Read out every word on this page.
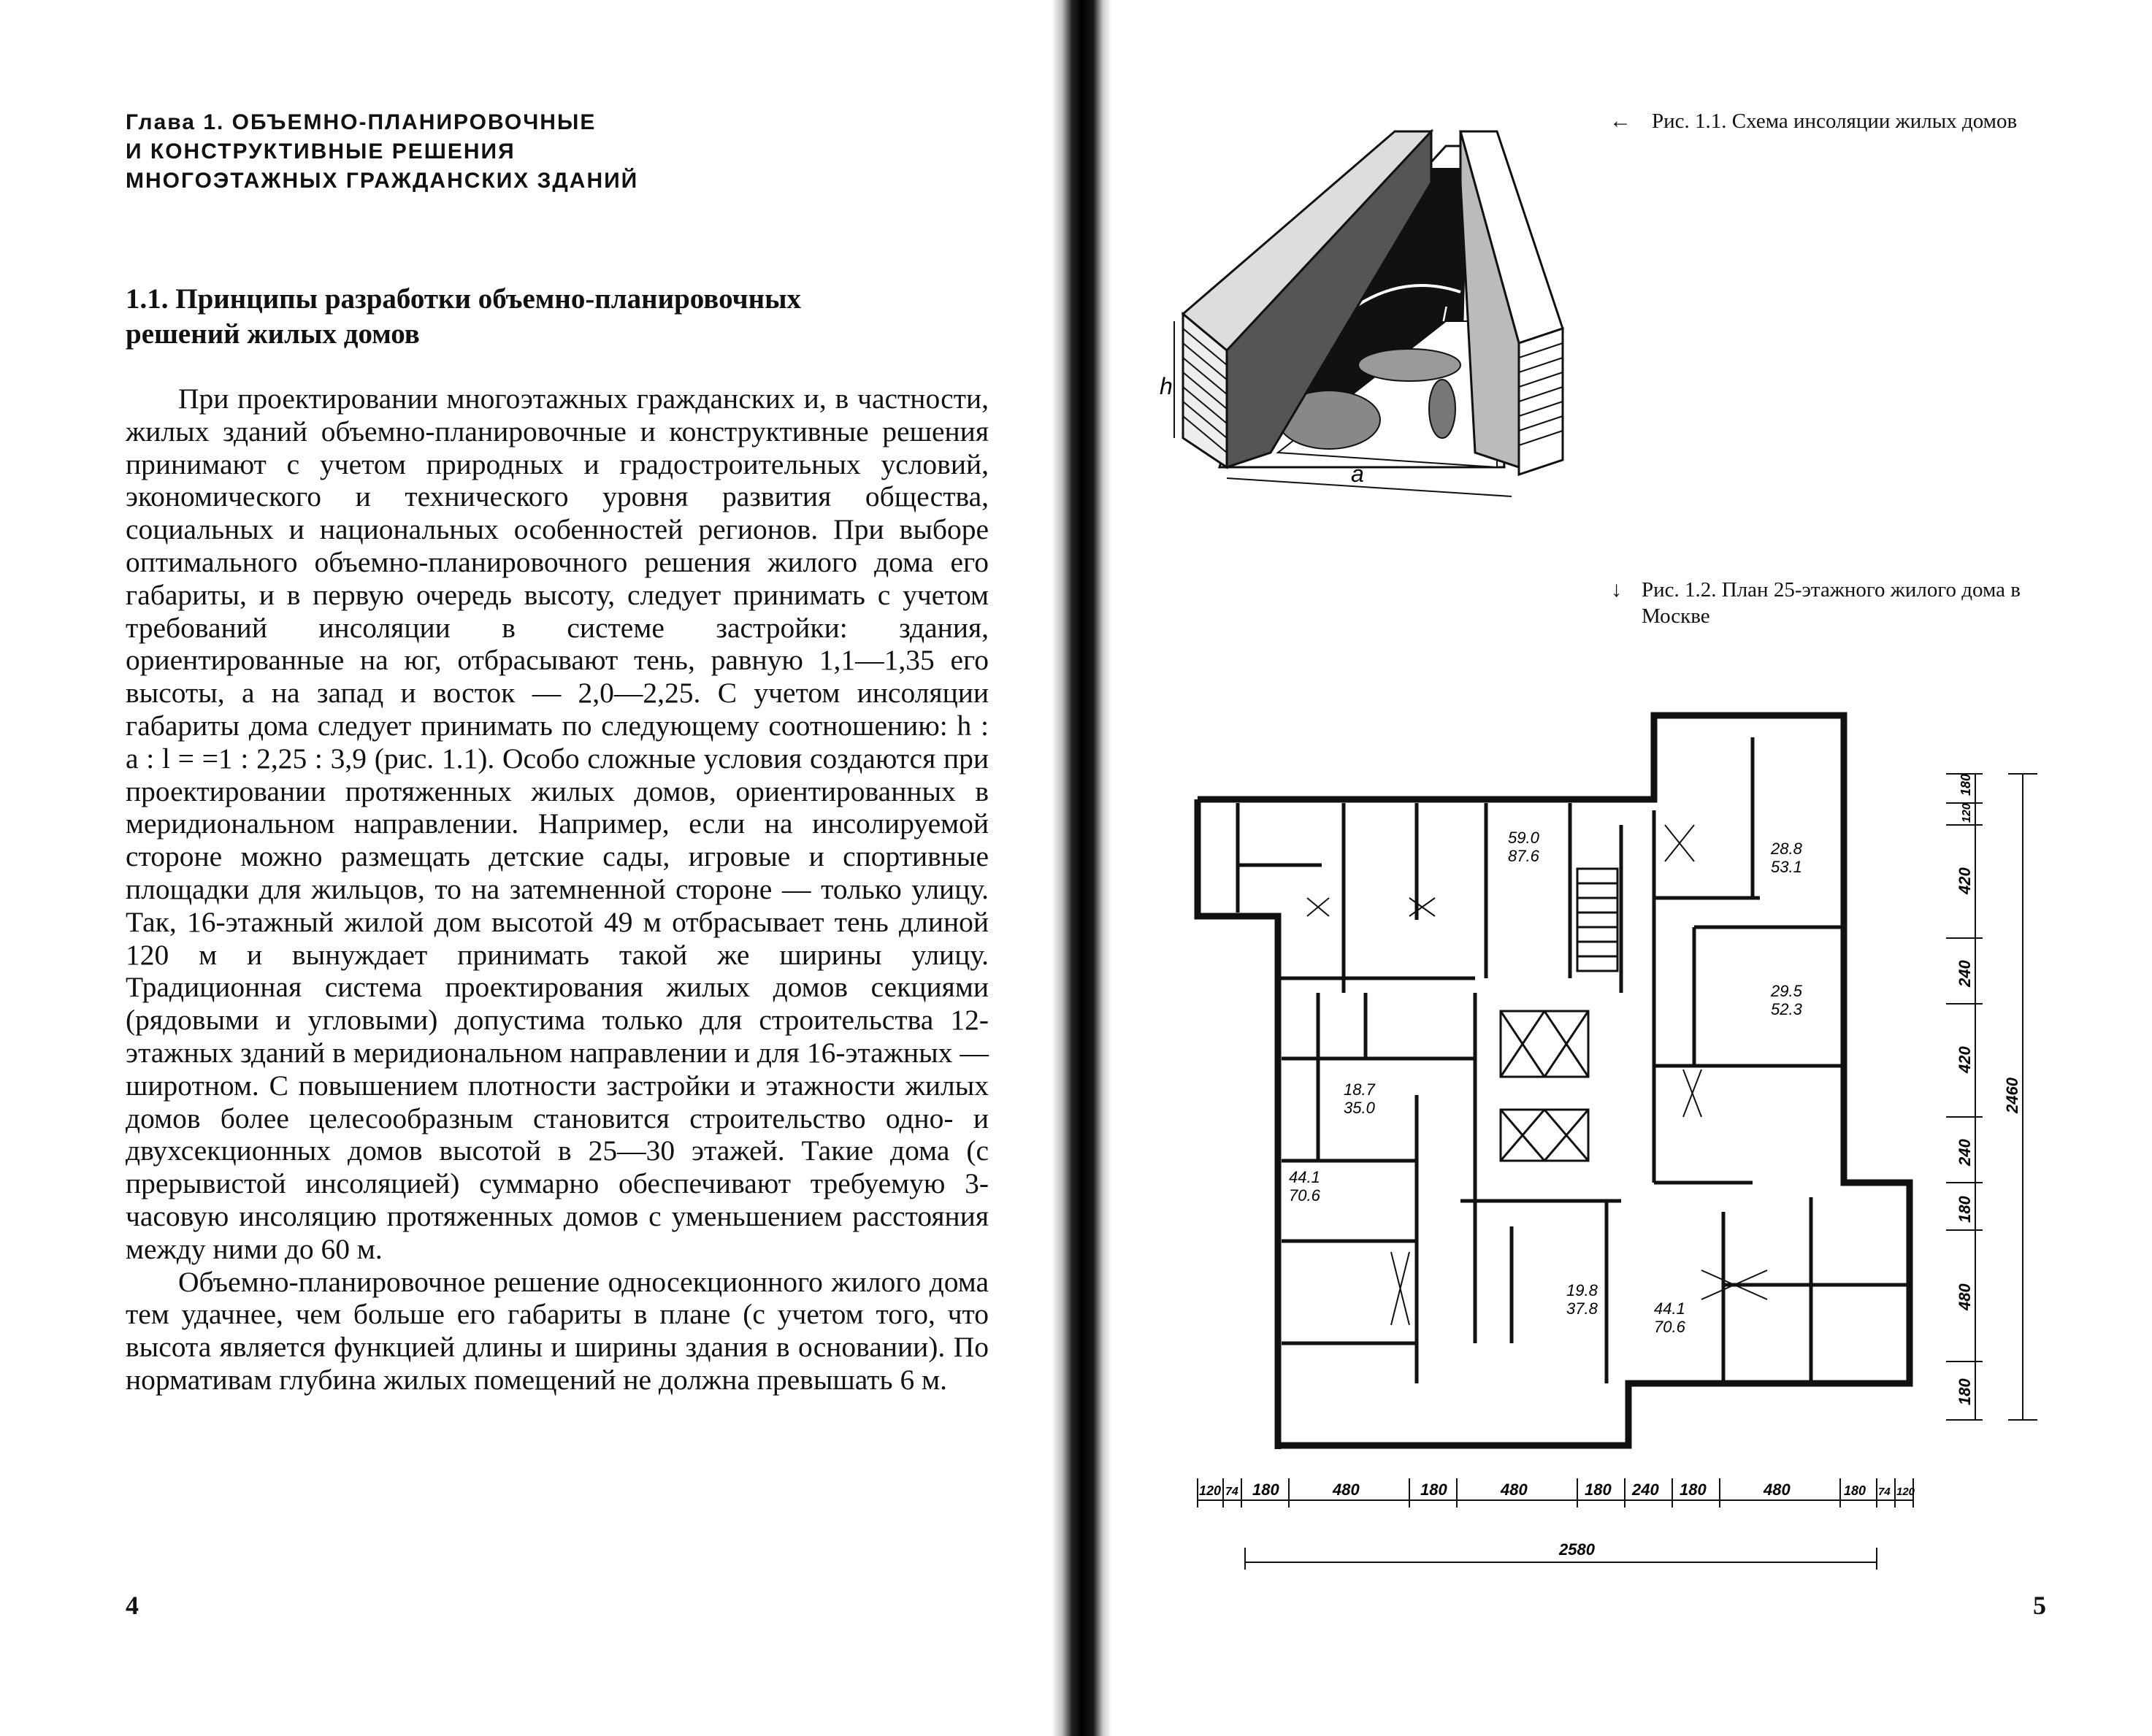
Глава 1. ОБЪЕМНО-ПЛАНИРОВОЧНЫЕ
И КОНСТРУКТИВНЫЕ РЕШЕНИЯ
МНОГОЭТАЖНЫХ ГРАЖДАНСКИХ ЗДАНИЙ
1.1. Принципы разработки объемно-планировочных
решений жилых домов

При проектировании многоэтажных гражданских и, в частности, жилых зданий объемно-планировочные и конструктивные решения принимают с учетом природных и градостроительных условий, экономического и технического уровня развития общества, социальных и национальных особенностей регионов. При выборе оптимального объемно-планировочного решения жилого дома его габариты, и в первую очередь высоту, следует принимать с учетом требований инсоляции в системе застройки: здания, ориентированные на юг, отбрасывают тень, равную 1,1—1,35 его высоты, а на запад и восток — 2,0—2,25. С учетом инсоляции габариты дома следует принимать по следующему соотношению: h : a : l = =1 : 2,25 : 3,9 (рис. 1.1). Особо сложные условия создаются при проектировании протяженных жилых домов, ориентированных в меридиональном направлении. Например, если на инсолируемой стороне можно размещать детские сады, игровые и спортивные площадки для жильцов, то на затемненной стороне — только улицу. Так, 16-этажный жилой дом высотой 49 м отбрасывает тень длиной 120 м и вынуждает принимать такой же ширины улицу. Традиционная система проектирования жилых домов секциями (рядовыми и угловыми) допустима только для строительства 12-этажных зданий в меридиональном направлении и для 16-этажных — широтном. С повышением плотности застройки и этажности жилых домов более целесообразным становится строительство одно- и двухсекционных домов высотой в 25—30 этажей. Такие дома (с прерывистой инсоляцией) суммарно обеспечивают требуемую 3-часовую инсоляцию протяженных домов с уменьшением расстояния между ними до 60 м.

Объемно-планировочное решение односекционного жилого дома тем удачнее, чем больше его габариты в плане (с учетом того, что высота является функцией длины и ширины здания в основании). По нормативам глубина жилых помещений не должна превышать 6 м.

4
← Рис. 1.1. Схема инсоляции жилых домов
↓ Рис. 1.2. План 25-этажного жилого дома в Москве
h
a
l
59.0
87.6	28.8
53.1
29.5
52.3
18.7
35.0
44.1
70.6
19.8
37.8	44.1
70.6
120 74 180	480	180	480	180 240 180	480	180 74 120
2580
180
120
420
240
420
240
180
480
180
2460
5
